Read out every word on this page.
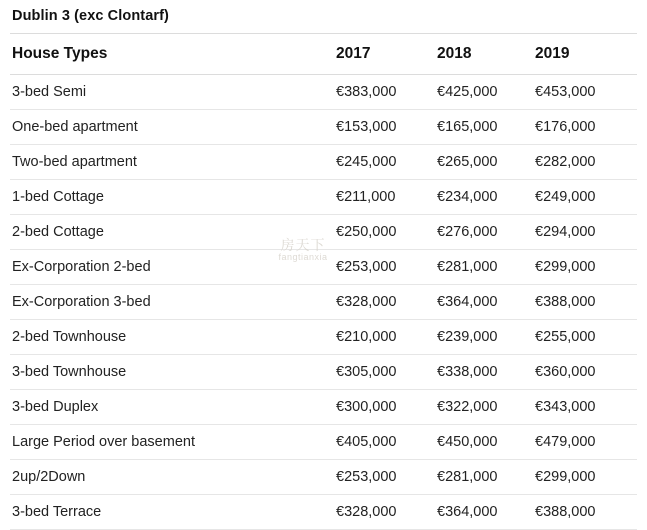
Dublin 3 (exc Clontarf)			
House Types	2017	2018	2019
3-bed Semi	€383,000	€425,000	€453,000
One-bed apartment	€153,000	€165,000	€176,000
Two-bed apartment	€245,000	€265,000	€282,000
1-bed Cottage	€211,000	€234,000	€249,000
2-bed Cottage	€250,000	€276,000	€294,000
Ex-Corporation 2-bed	€253,000	€281,000	€299,000
Ex-Corporation 3-bed	€328,000	€364,000	€388,000
2-bed Townhouse	€210,000	€239,000	€255,000
3-bed Townhouse	€305,000	€338,000	€360,000
3-bed Duplex	€300,000	€322,000	€343,000
Large Period over basement	€405,000	€450,000	€479,000
2up/2Down	€253,000	€281,000	€299,000
3-bed Terrace	€328,000	€364,000	€388,000
房天下
fangtianxia
